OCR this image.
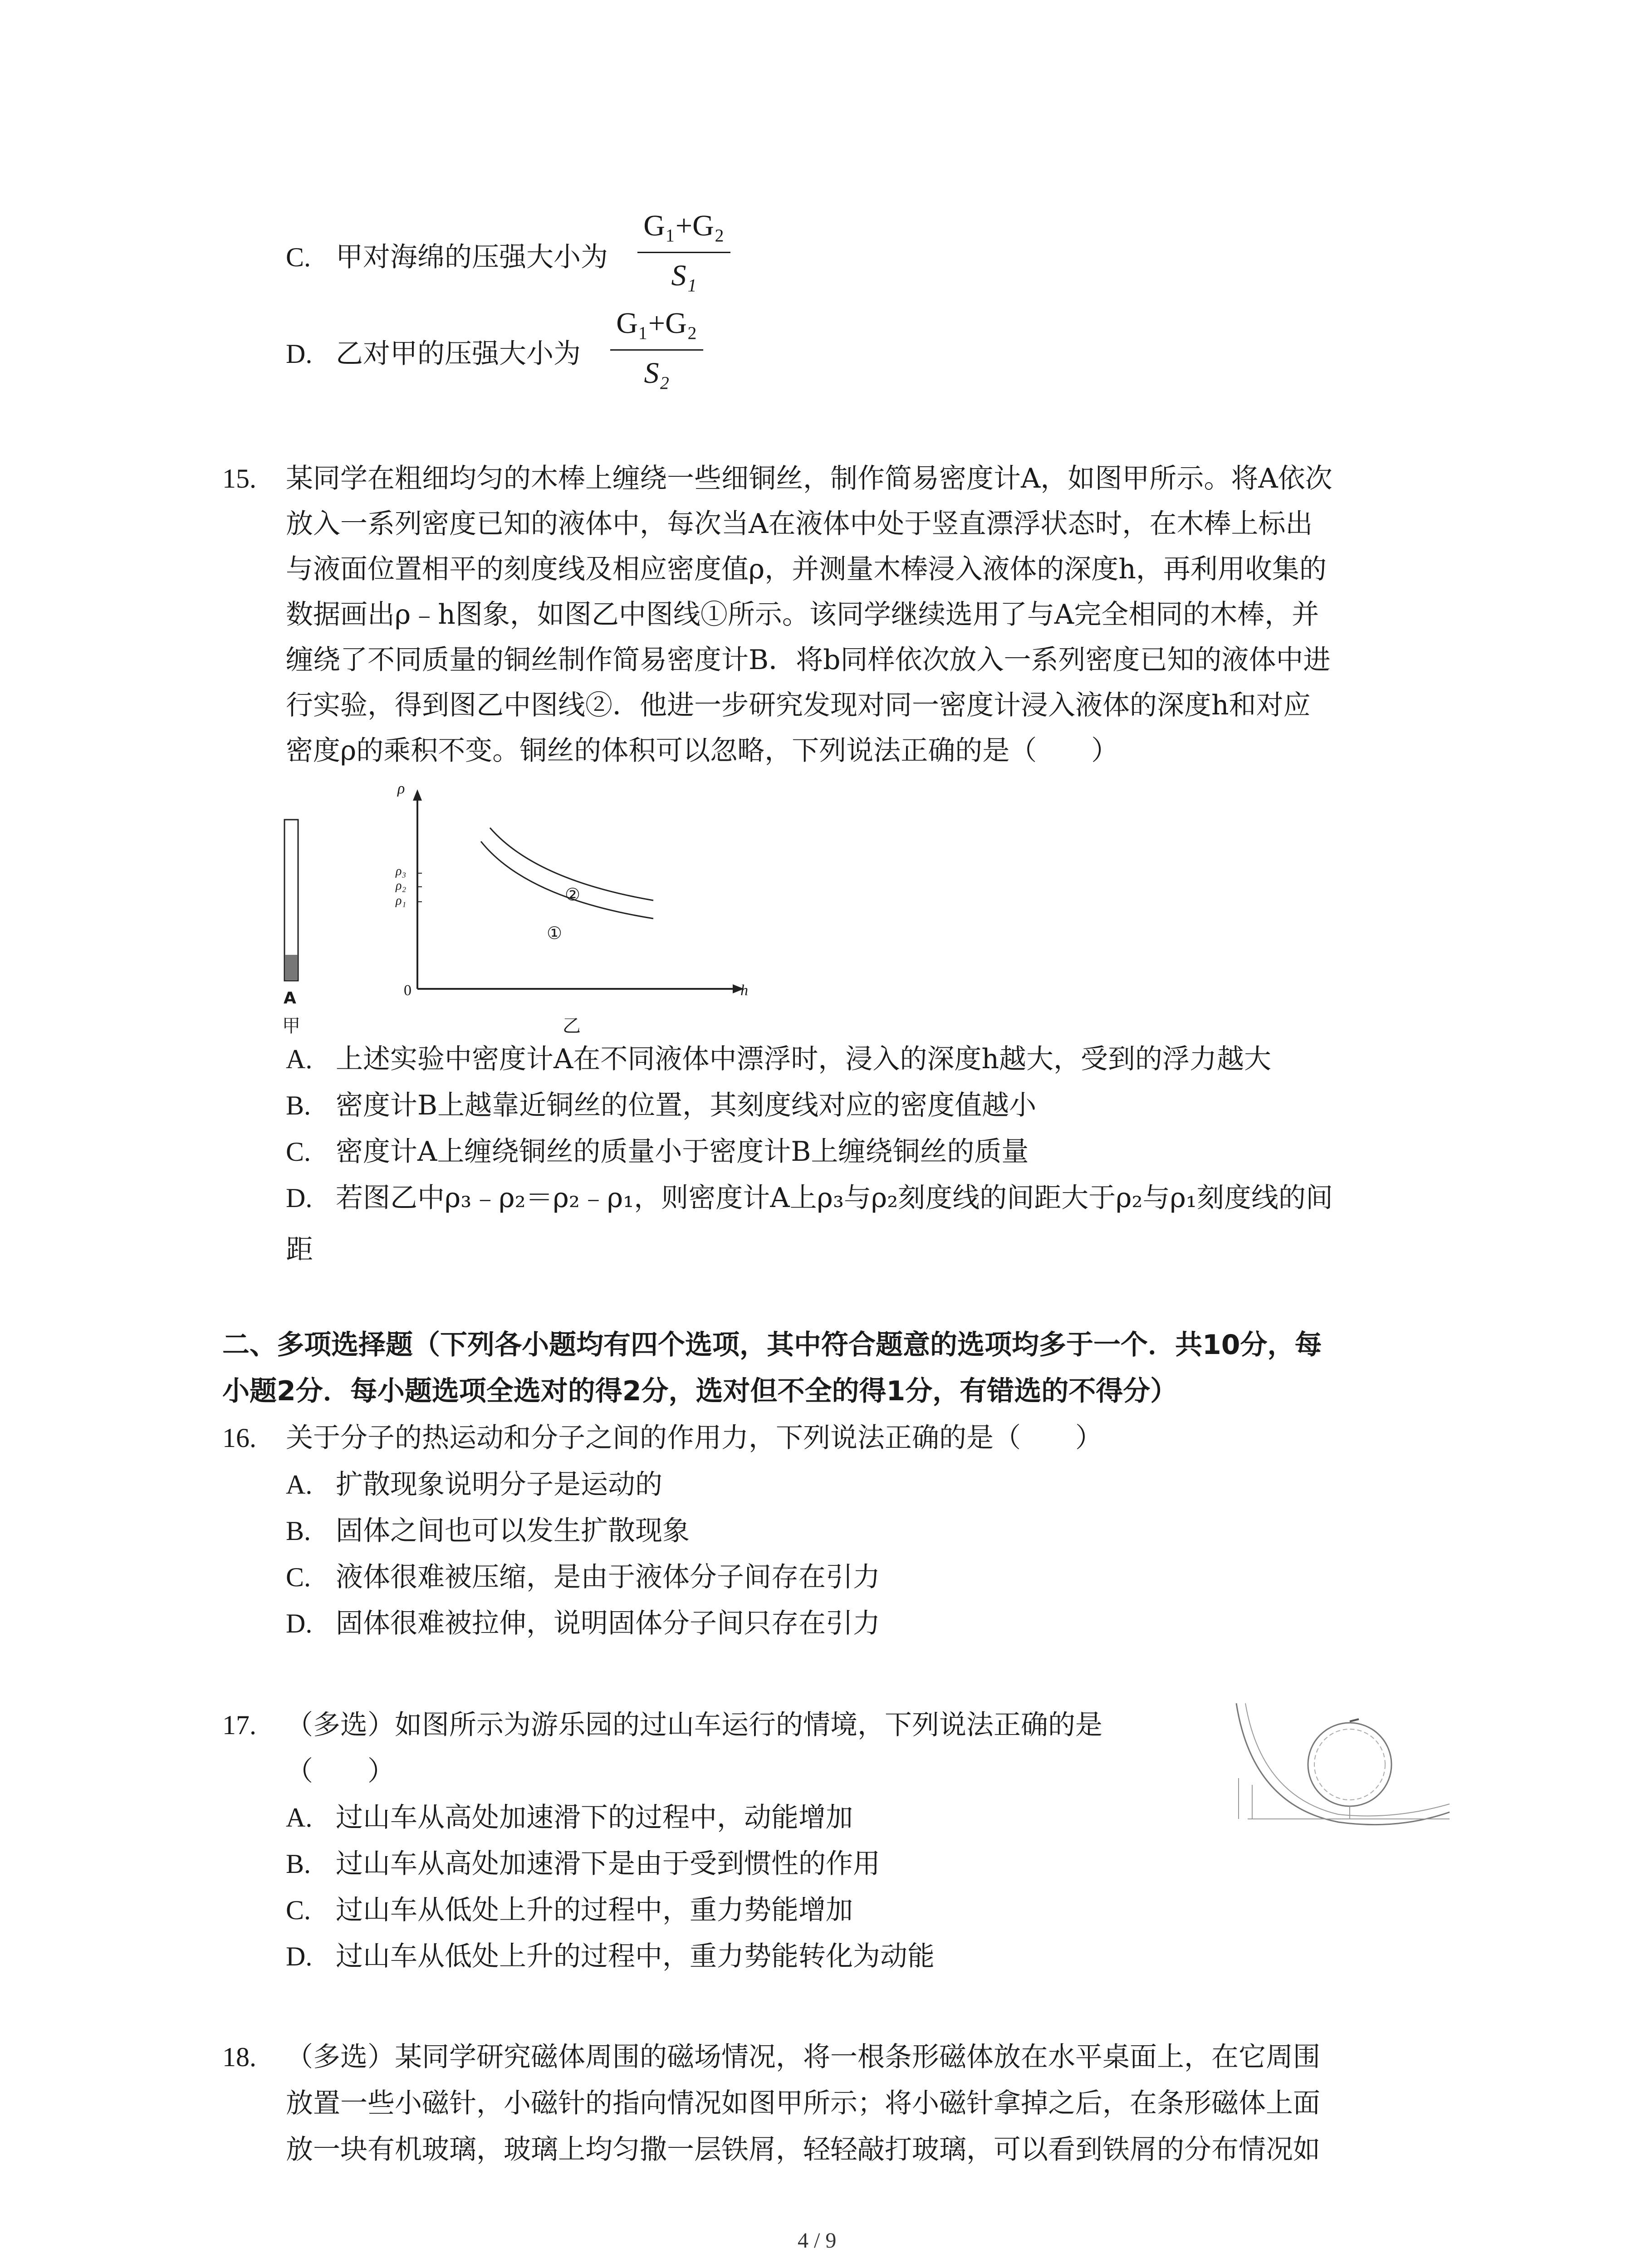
C. 甲对海绵的压强大小为
G₁+G₂
S₁
D. 乙对甲的压强大小为
G₁+G₂
S₂
15. 某同学在粗细均匀的木棒上缠绕一些细铜丝，制作简易密度计A，如图甲所示。将A依次
放入一系列密度已知的液体中，每次当A在液体中处于竖直漂浮状态时，在木棒上标出
与液面位置相平的刻度线及相应密度值ρ，并测量木棒浸入液体的深度h，再利用收集的
数据画出ρ﹣h图象，如图乙中图线①所示。该同学继续选用了与A完全相同的木棒，并
缠绕了不同质量的铜丝制作简易密度计B．将b同样依次放入一系列密度已知的液体中进
行实验，得到图乙中图线②．他进一步研究发现对同一密度计浸入液体的深度h和对应
密度ρ的乘积不变。铜丝的体积可以忽略，下列说法正确的是（　　）
A
甲
ρ
h
0
ρ₃
ρ₂
ρ₁	②
①
乙
A. 上述实验中密度计A在不同液体中漂浮时，浸入的深度h越大，受到的浮力越大
B. 密度计B上越靠近铜丝的位置，其刻度线对应的密度值越小
C. 密度计A上缠绕铜丝的质量小于密度计B上缠绕铜丝的质量
D. 若图乙中ρ₃﹣ρ₂＝ρ₂﹣ρ₁，则密度计A上ρ₃与ρ₂刻度线的间距大于ρ₂与ρ₁刻度线的间
距
二、多项选择题（下列各小题均有四个选项，其中符合题意的选项均多于一个．共10分，每
小题2分．每小题选项全选对的得2分，选对但不全的得1分，有错选的不得分）
16. 关于分子的热运动和分子之间的作用力，下列说法正确的是（　　）
A. 扩散现象说明分子是运动的
B. 固体之间也可以发生扩散现象
C. 液体很难被压缩，是由于液体分子间存在引力
D. 固体很难被拉伸，说明固体分子间只存在引力
17. （多选）如图所示为游乐园的过山车运行的情境，下列说法正确的是
（　　）
A. 过山车从高处加速滑下的过程中，动能增加
B. 过山车从高处加速滑下是由于受到惯性的作用
C. 过山车从低处上升的过程中，重力势能增加
D. 过山车从低处上升的过程中，重力势能转化为动能
18. （多选）某同学研究磁体周围的磁场情况，将一根条形磁体放在水平桌面上，在它周围
放置一些小磁针，小磁针的指向情况如图甲所示；将小磁针拿掉之后，在条形磁体上面
放一块有机玻璃，玻璃上均匀撒一层铁屑，轻轻敲打玻璃，可以看到铁屑的分布情况如
4 / 9
